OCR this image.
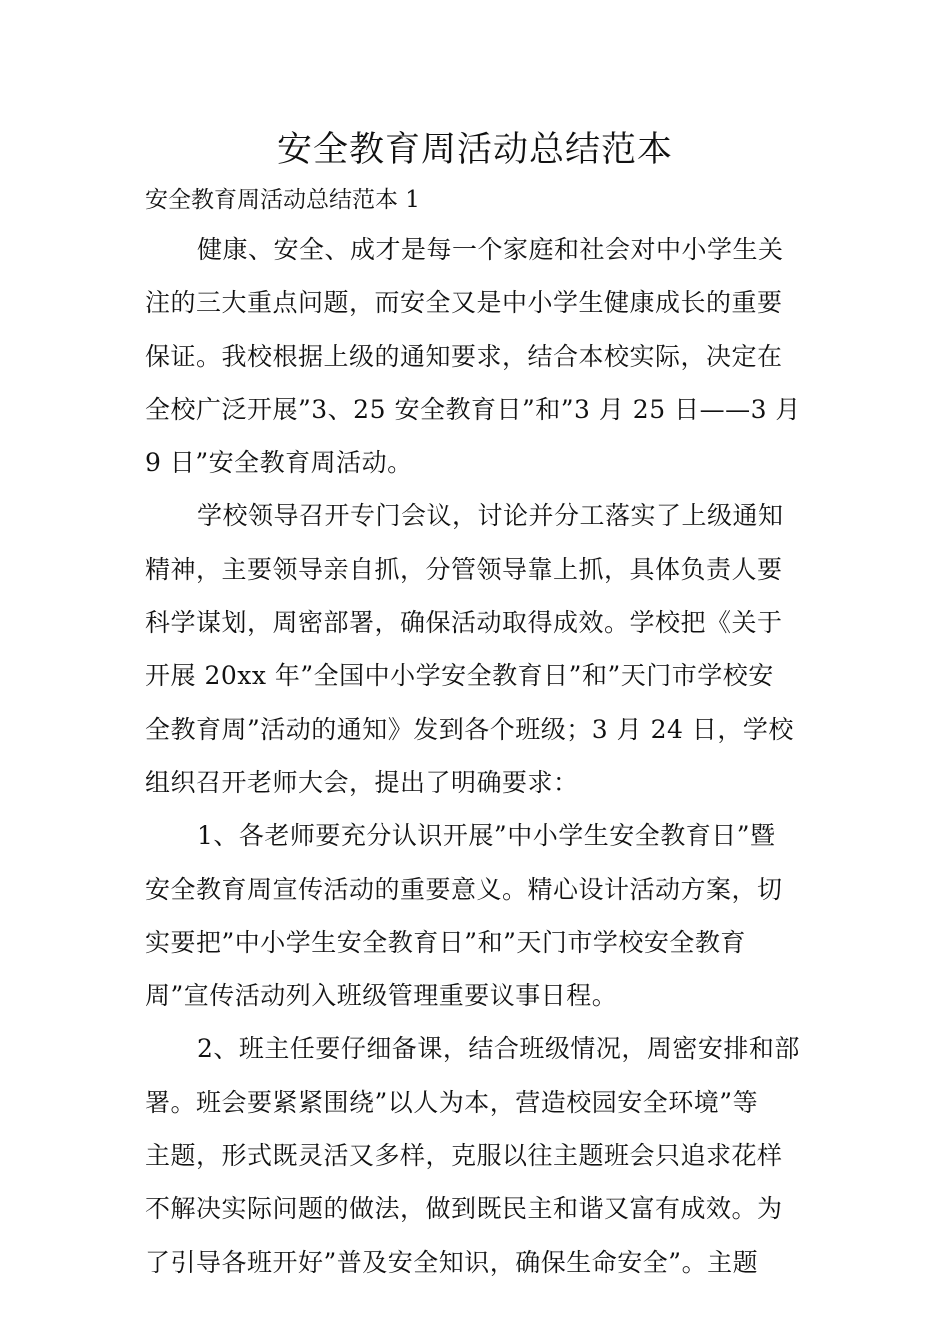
安全教育周活动总结范本
安全教育周活动总结范本 1
健康、安全、成才是每一个家庭和社会对中小学生关
注的三大重点问题，而安全又是中小学生健康成长的重要
保证。我校根据上级的通知要求，结合本校实际，决定在
全校广泛开展”3、25 安全教育日”和”3 月 25 日——3 月
9 日”安全教育周活动。
学校领导召开专门会议，讨论并分工落实了上级通知
精神，主要领导亲自抓，分管领导靠上抓，具体负责人要
科学谋划，周密部署，确保活动取得成效。学校把《关于
开展 20xx 年”全国中小学安全教育日”和”天门市学校安
全教育周”活动的通知》发到各个班级；3 月 24 日，学校
组织召开老师大会，提出了明确要求：
1、各老师要充分认识开展”中小学生安全教育日”暨
安全教育周宣传活动的重要意义。精心设计活动方案，切
实要把”中小学生安全教育日”和”天门市学校安全教育
周”宣传活动列入班级管理重要议事日程。
2、班主任要仔细备课，结合班级情况，周密安排和部
署。班会要紧紧围绕”以人为本，营造校园安全环境”等
主题，形式既灵活又多样，克服以往主题班会只追求花样
不解决实际问题的做法，做到既民主和谐又富有成效。为
了引导各班开好”普及安全知识，确保生命安全”。主题
